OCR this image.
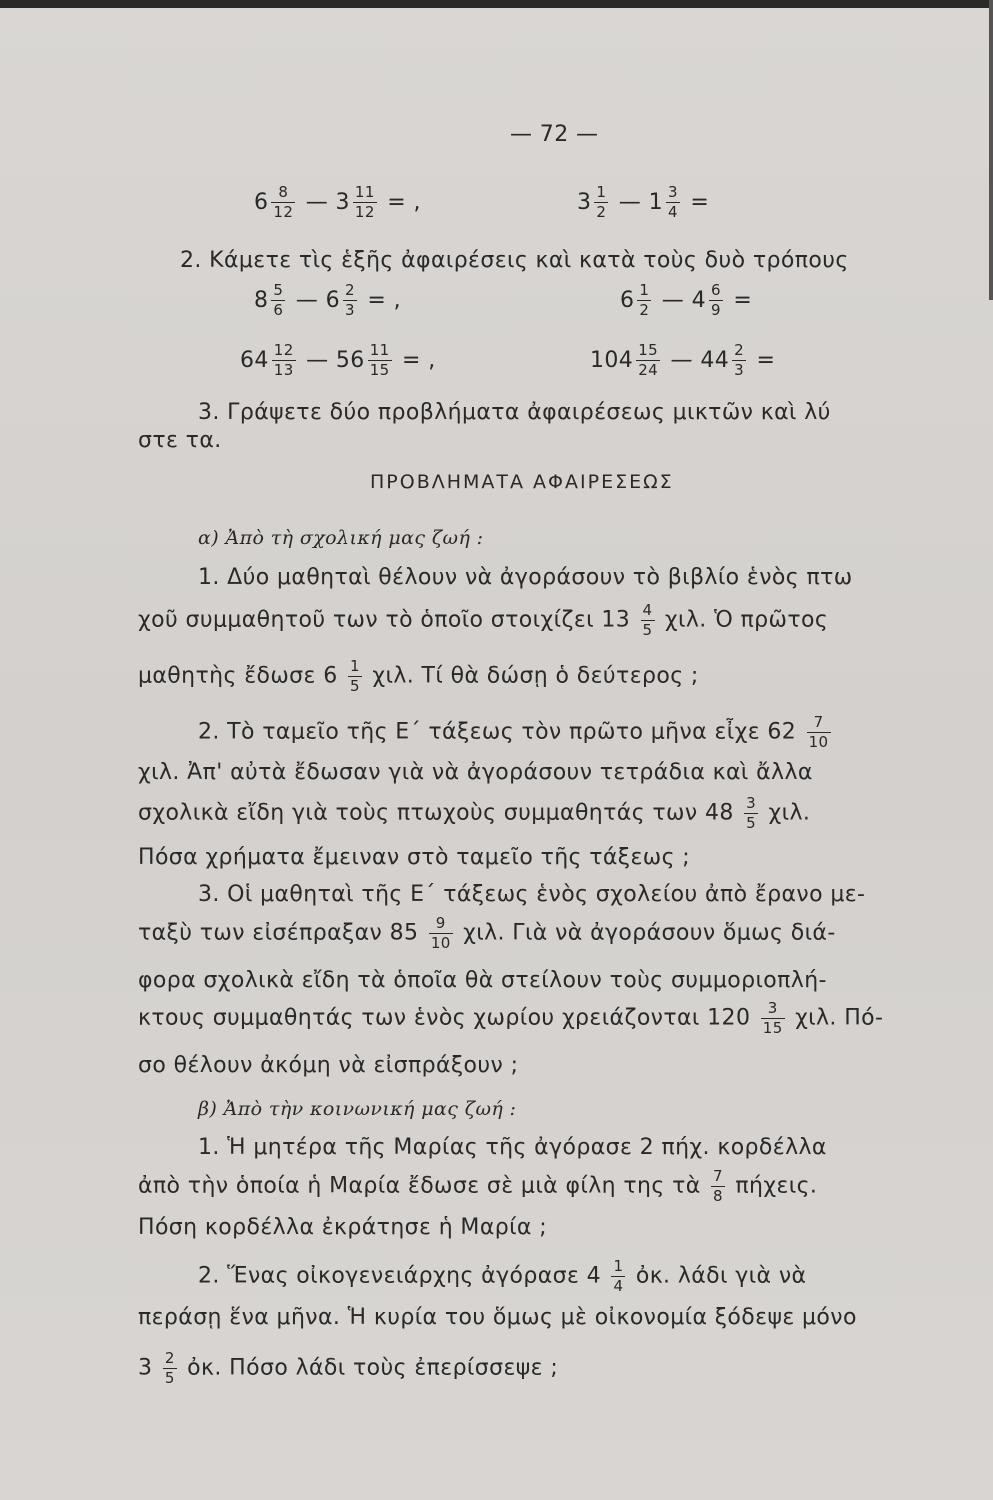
— 72 —
$6 \frac{8}{12}$ — $3 \frac{11}{12}$ = ,	$3 \frac{1}{2}$ — $1 \frac{3}{4}$ =
2. Κάμετε τὶς ἑξῆς ἀφαιρέσεις καὶ κατὰ τοὺς δυὸ τρόπους
$8 \frac{5}{6}$ — $6 \frac{2}{3}$ = ,	$6 \frac{1}{2}$ — $4 \frac{6}{9}$ =
$64 \frac{12}{13}$ — $56 \frac{11}{15}$ = ,	$104 \frac{15}{24}$ — $44 \frac{2}{3}$ =
3. Γράψετε δύο προβλήματα ἀφαιρέσεως μικτῶν καὶ λύ
στε τα.
ΠΡΟΒΛΗΜΑΤΑ ΑΦΑΙΡΕΣΕΩΣ
α) Ἀπὸ τὴ σχολική μας ζωή :
1. Δύο μαθηταὶ θέλουν νὰ ἀγοράσουν τὸ βιβλίο ἑνὸς πτω
χοῦ συμμαθητοῦ των τὸ ὁποῖο στοιχίζει $13 \frac{4}{5} \chi\iota\lambda$. Ὁ πρῶτος
μαθητὴς ἔδωσε $6 \frac{1}{5} \chi\iota\lambda$. Τί θὰ δώσῃ ὁ δεύτερος ;
2. Τὸ ταμεῖο τῆς Ε΄ τάξεως τὸν πρῶτο μῆνα εἶχε $62 \frac{7}{10}$
χιλ. Ἀπ' αὐτὰ ἔδωσαν γιὰ νὰ ἀγοράσουν τετράδια καὶ ἄλλα
σχολικὰ εἴδη γιὰ τοὺς πτωχοὺς συμμαθητάς των $48 \frac{3}{5} \chi\iota\lambda$.
Πόσα χρήματα ἔμειναν στὸ ταμεῖο τῆς τάξεως ;
3. Οἱ μαθηταὶ τῆς Ε΄ τάξεως ἑνὸς σχολείου ἀπὸ ἔρανο με-
ταξὺ των εἰσέπραξαν $85 \frac{9}{10} \chi\iota\lambda$. Γιὰ νὰ ἀγοράσουν ὅμως διά-
φορα σχολικὰ εἴδη τὰ ὁποῖα θὰ στείλουν τοὺς συμμοριοπλή-
κτους συμμαθητάς των ἑνὸς χωρίου χρειάζονται $120 \frac{3}{15} \chi\iota\lambda$. Πό-
σο θέλουν ἀκόμη νὰ εἰσπράξουν ;
β) Ἀπὸ τὴν κοινωνική μας ζωή :
1. Ἡ μητέρα τῆς Μαρίας τῆς ἀγόρασε 2 πήχ. κορδέλλα
ἀπὸ τὴν ὁποία ἡ Μαρία ἔδωσε σὲ μιὰ φίλη της τὰ $\frac{7}{8} \pi ή\chi\varepsilon\iota\varsigma$.
Πόση κορδέλλα ἐκράτησε ἡ Μαρία ;
2. Ἕνας οἰκογενειάρχης ἀγόρασε $4 \frac{1}{4}$ ὀκ. λάδι γιὰ νὰ
περάσῃ ἕνα μῆνα. Ἡ κυρία του ὅμως μὲ οἰκονομία ξόδεψε μόνο
$3 \frac{2}{5}$ ὀκ. Πόσο λάδι τοὺς ἐπερίσσεψε ;
